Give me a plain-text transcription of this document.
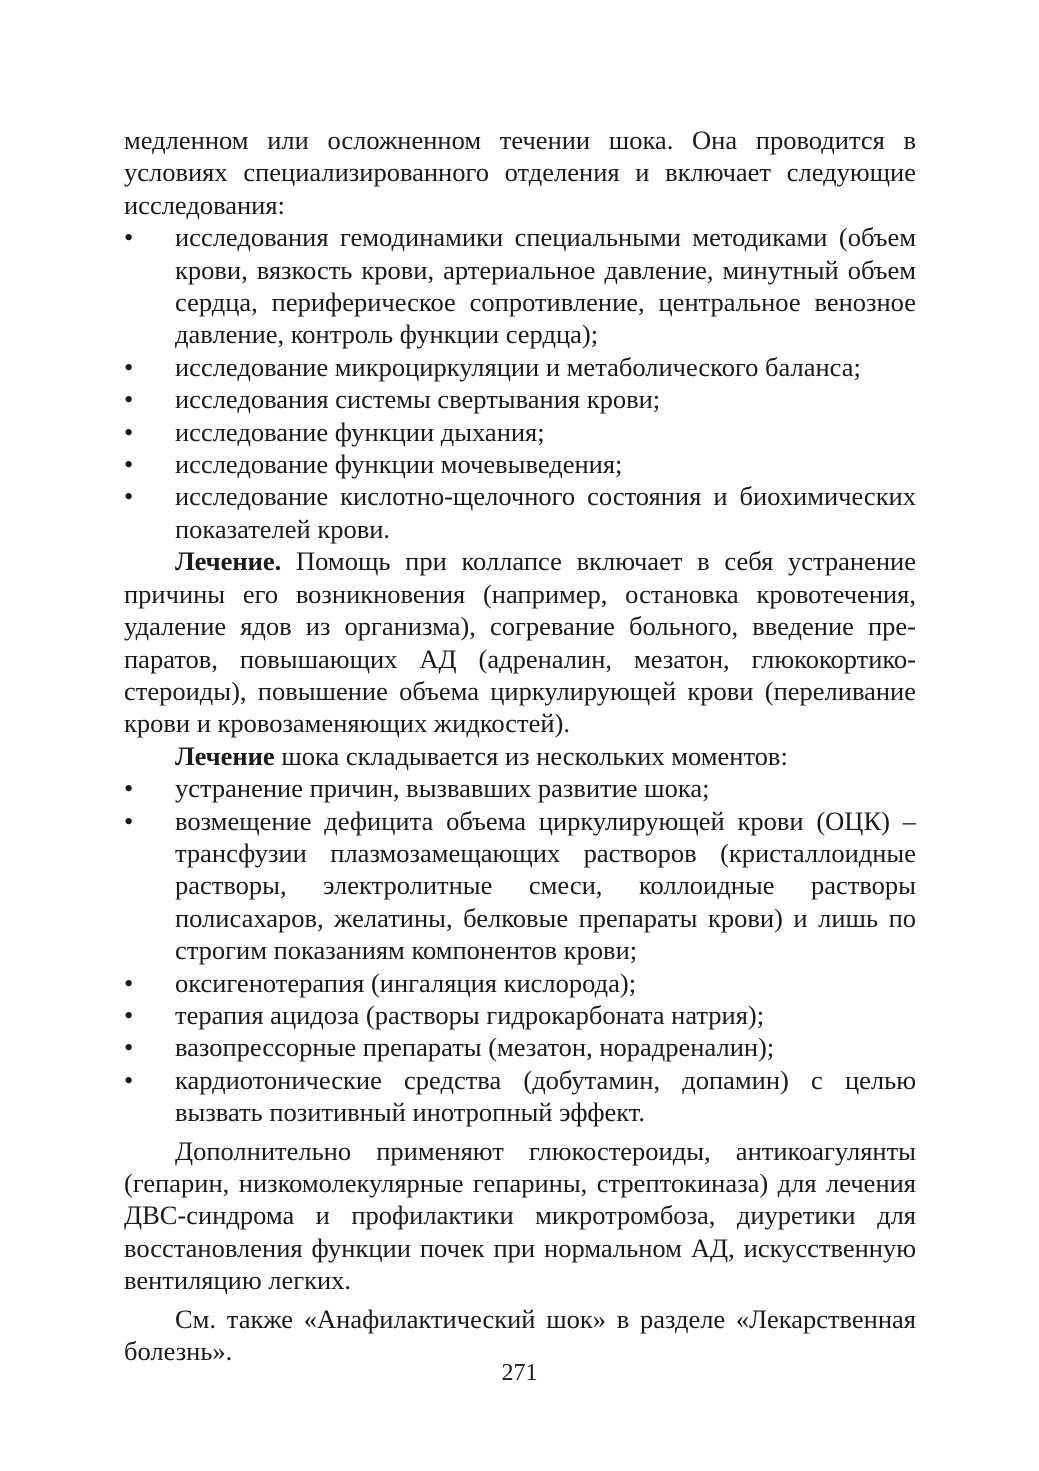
медленном или осложненном течении шока. Она проводится в условиях специализированного отделения и включает следующие исследования:

•	исследования гемодинамики специальными методиками (объем крови, вязкость крови, артериальное давление, минутный объем сердца, периферическое сопротивление, центральное венозное давление, контроль функции сердца);
•	исследование микроциркуляции и метаболического баланса;
•	исследования системы свертывания крови;
•	исследование функции дыхания;
•	исследование функции мочевыведения;
•	исследование кислотно-щелочного состояния и биохимических показателей крови.

Лечение. Помощь при коллапсе включает в себя устранение причины его возникновения (например, остановка кровотечения, удаление ядов из организма), согревание больного, введение препаратов, повышающих АД (адреналин, мезатон, глюкокортикостероиды), повышение объема циркулирующей крови (переливание крови и кровозаменяющих жидкостей).

Лечение шока складывается из нескольких моментов:

•	устранение причин, вызвавших развитие шока;
•	возмещение дефицита объема циркулирующей крови (ОЦК) – трансфузии плазмозамещающих растворов (кристаллоидные растворы, электролитные смеси, коллоидные растворы полисахаров, желатины, белковые препараты крови) и лишь по строгим показаниям компонентов крови;
•	оксигенотерапия (ингаляция кислорода);
•	терапия ацидоза (растворы гидрокарбоната натрия);
•	вазопрессорные препараты (мезатон, норадреналин);
•	кардиотонические средства (добутамин, допамин) с целью вызвать позитивный инотропный эффект.

Дополнительно применяют глюкостероиды, антикоагулянты (гепарин, низкомолекулярные гепарины, стрептокиназа) для лечения ДВС-синдрома и профилактики микротромбоза, диуретики для восстановления функции почек при нормальном АД, искусственную вентиляцию легких.

См. также «Анафилактический шок» в разделе «Лекарственная болезнь».

271
